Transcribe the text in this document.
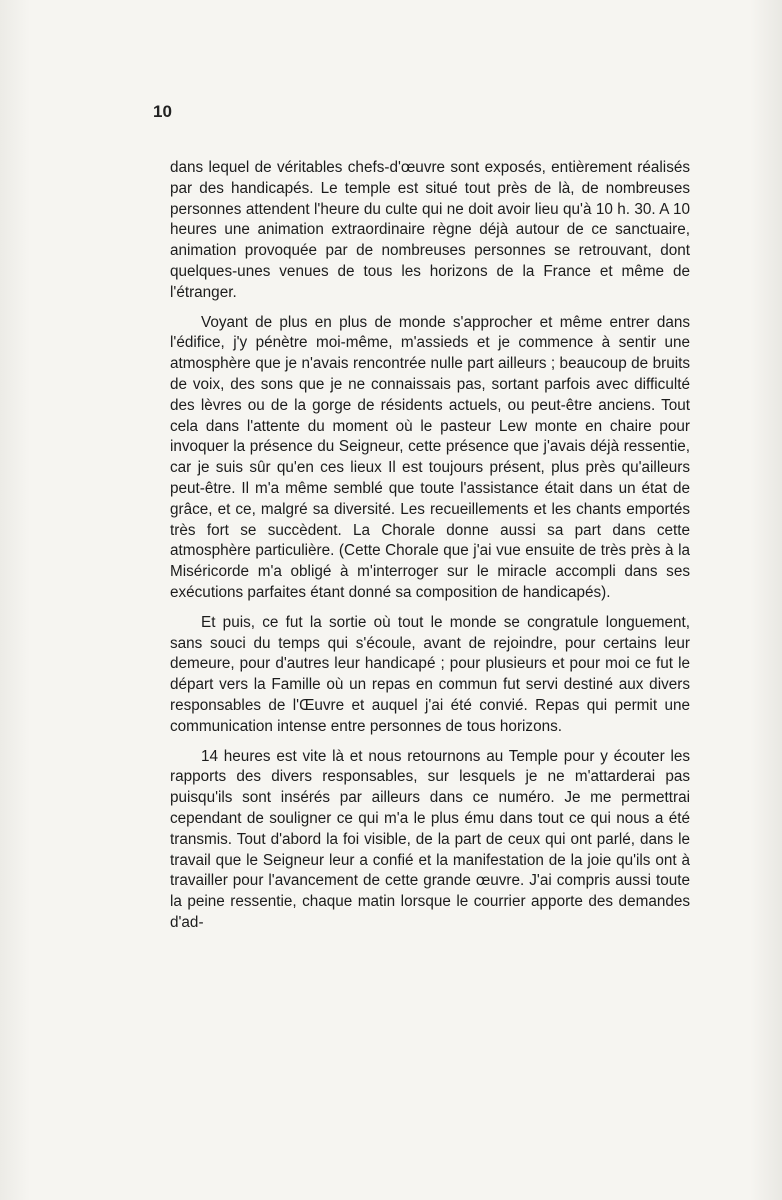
10

dans lequel de véritables chefs-d'œuvre sont exposés, entièrement réalisés par des handicapés. Le temple est situé tout près de là, de nombreuses personnes attendent l'heure du culte qui ne doit avoir lieu qu'à 10 h. 30. A 10 heures une animation extraordinaire règne déjà autour de ce sanctuaire, animation provoquée par de nombreuses personnes se retrouvant, dont quelques-unes venues de tous les horizons de la France et même de l'étranger.

Voyant de plus en plus de monde s'approcher et même entrer dans l'édifice, j'y pénètre moi-même, m'assieds et je commence à sentir une atmosphère que je n'avais rencontrée nulle part ailleurs ; beaucoup de bruits de voix, des sons que je ne connaissais pas, sortant parfois avec difficulté des lèvres ou de la gorge de résidents actuels, ou peut-être anciens. Tout cela dans l'attente du moment où le pasteur Lew monte en chaire pour invoquer la présence du Seigneur, cette présence que j'avais déjà ressentie, car je suis sûr qu'en ces lieux Il est toujours présent, plus près qu'ailleurs peut-être. Il m'a même semblé que toute l'assistance était dans un état de grâce, et ce, malgré sa diversité. Les recueillements et les chants emportés très fort se succèdent. La Chorale donne aussi sa part dans cette atmosphère particulière. (Cette Chorale que j'ai vue ensuite de très près à la Miséricorde m'a obligé à m'interroger sur le miracle accompli dans ses exécutions parfaites étant donné sa composition de handicapés).

Et puis, ce fut la sortie où tout le monde se congratule longuement, sans souci du temps qui s'écoule, avant de rejoindre, pour certains leur demeure, pour d'autres leur handicapé ; pour plusieurs et pour moi ce fut le départ vers la Famille où un repas en commun fut servi destiné aux divers responsables de l'Œuvre et auquel j'ai été convié. Repas qui permit une communication intense entre personnes de tous horizons.

14 heures est vite là et nous retournons au Temple pour y écouter les rapports des divers responsables, sur lesquels je ne m'attarderai pas puisqu'ils sont insérés par ailleurs dans ce numéro. Je me permettrai cependant de souligner ce qui m'a le plus ému dans tout ce qui nous a été transmis. Tout d'abord la foi visible, de la part de ceux qui ont parlé, dans le travail que le Seigneur leur a confié et la manifestation de la joie qu'ils ont à travailler pour l'avancement de cette grande œuvre. J'ai compris aussi toute la peine ressentie, chaque matin lorsque le courrier apporte des demandes d'ad-
